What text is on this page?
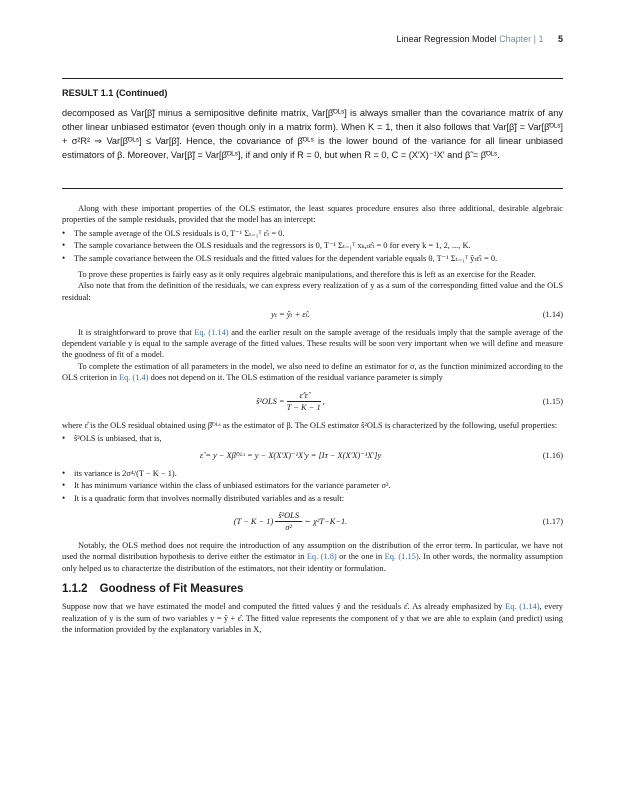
Linear Regression Model Chapter | 1 5
RESULT 1.1 (Continued)

decomposed as Var[β̃] minus a semipositive definite matrix, Var[β̂ᴼᴸˢ] is always smaller than the covariance matrix of any other linear unbiased estimator (even though only in a matrix form). When K = 1, then it also follows that Var[β̃] = Var[β̂ᴼᴸˢ] + σ²R² ⇒ Var[β̂ᴼᴸˢ] ≤ Var[β̃]. Hence, the covariance of β̂ᴼᴸˢ is the lower bound of the variance for all linear unbiased estimators of β. Moreover, Var[β̃] = Var[β̂ᴼᴸˢ], if and only if R = 0, but when R = 0, C = (X′X)⁻¹X′ and β̃ = β̂ᴼᴸˢ.

Along with these important properties of the OLS estimator, the least squares procedure ensures also three additional, desirable algebraic properties of the sample residuals, provided that the model has an intercept:

• The sample average of the OLS residuals is 0, T⁻¹ Σₜ₌₁ᵀ ε̂ₜ = 0.
• The sample covariance between the OLS residuals and the regressors is 0, T⁻¹ Σₜ₌₁ᵀ xₖ,ₜε̂ₜ = 0 for every k = 1, 2, ..., K.
• The sample covariance between the OLS residuals and the fitted values for the dependent variable equals 0, T⁻¹ Σₜ₌₁ᵀ ŷₜε̂ₜ = 0.

To prove these properties is fairly easy as it only requires algebraic manipulations, and therefore this is left as an exercise for the Reader.

Also note that from the definition of the residuals, we can express every realization of y as a sum of the corresponding fitted value and the OLS residual:

yₜ = ŷₜ + ε̂ₜ.	(1.14)

It is straightforward to prove that Eq. (1.14) and the earlier result on the sample average of the residuals imply that the sample average of the dependent variable y is equal to the sample average of the fitted values. These results will be soon very important when we will define and measure the goodness of fit of a model.

To complete the estimation of all parameters in the model, we also need to define an estimator for σ, as the function minimized according to the OLS criterion in Eq. (1.4) does not depend on it. The OLS estimation of the residual variance parameter is simply

ŝ²OLS = $\frac{\varepsilon̂'\varepsilon̂}{T - K - 1}$ ,	(1.15)

where ε̂ is the OLS residual obtained using β̂ᴼᴸˢ as the estimator of β. The OLS estimator ŝ²OLS is characterized by the following, useful properties:

• ŝ²OLS is unbiased, that is,
ε̂ = y − Xβ̂ᴼᴸˢ = y − X(X′X)⁻¹X′y = [Iᴛ − X(X′X)⁻¹X′]y	(1.16)
• its variance is 2σ⁴/(T − K − 1).
• It has minimum variance within the class of unbiased estimators for the variance parameter σ².
• It is a quadratic form that involves normally distributed variables and as a result:
$(T - K - 1) \frac{\text{ŝ²OLS}}{\text{σ²}}$ ∼ χ²T−K−1.	(1.17)

Notably, the OLS method does not require the introduction of any assumption on the distribution of the error term. In particular, we have not used the normal distribution hypothesis to derive either the estimator in Eq. (1.8) or the one in Eq. (1.15). In other words, the normality assumption only helped us to characterize the distribution of the estimators, not their identity or formulation.

1.1.2 Goodness of Fit Measures

Suppose now that we have estimated the model and computed the fitted values ŷ and the residuals ε̂. As already emphasized by Eq. (1.14), every realization of y is the sum of two variables y = ŷ + ε̂. The fitted value represents the component of y that we are able to explain (and predict) using the information provided by the explanatory variables in X,
